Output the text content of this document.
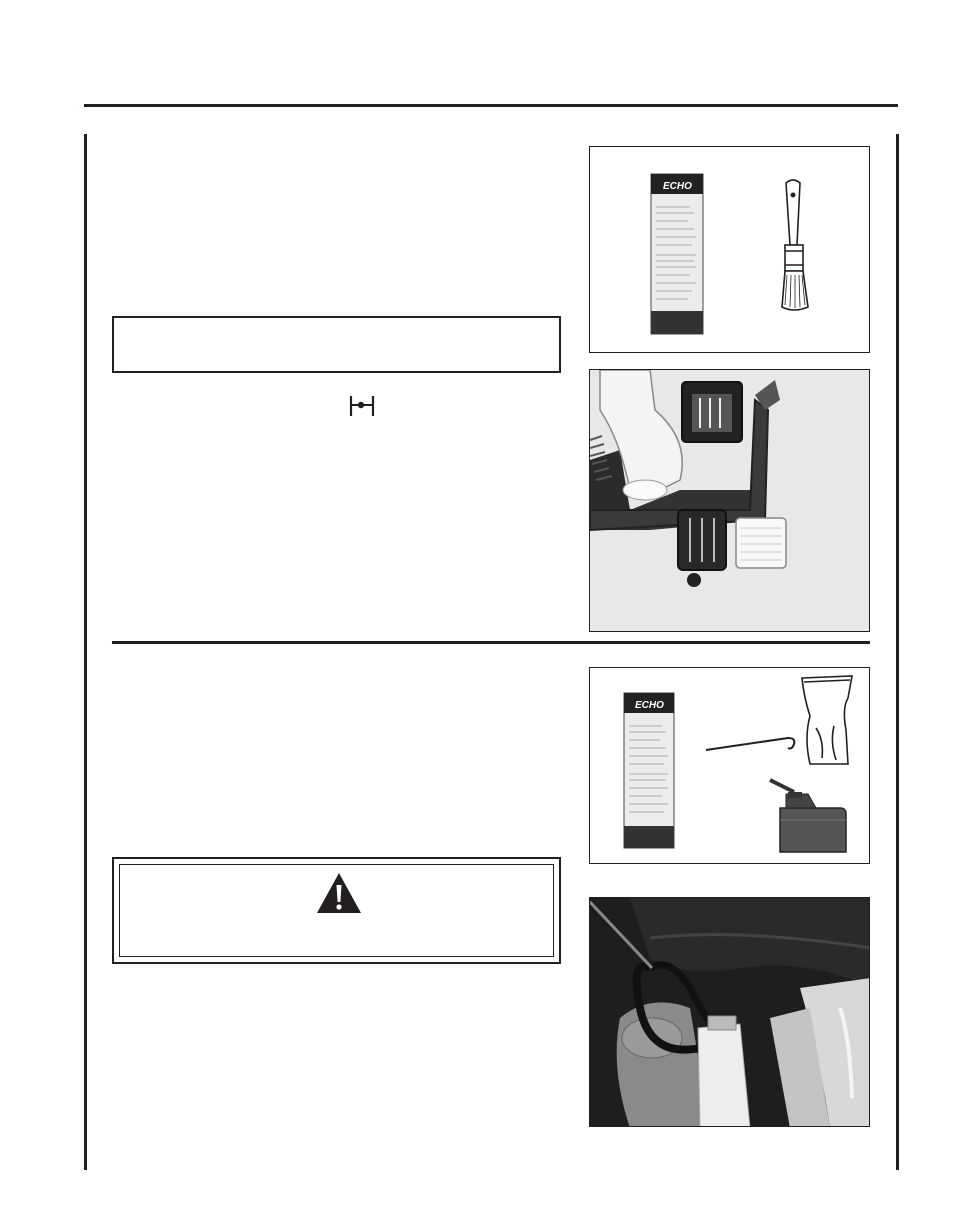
ECHO
ECHO
